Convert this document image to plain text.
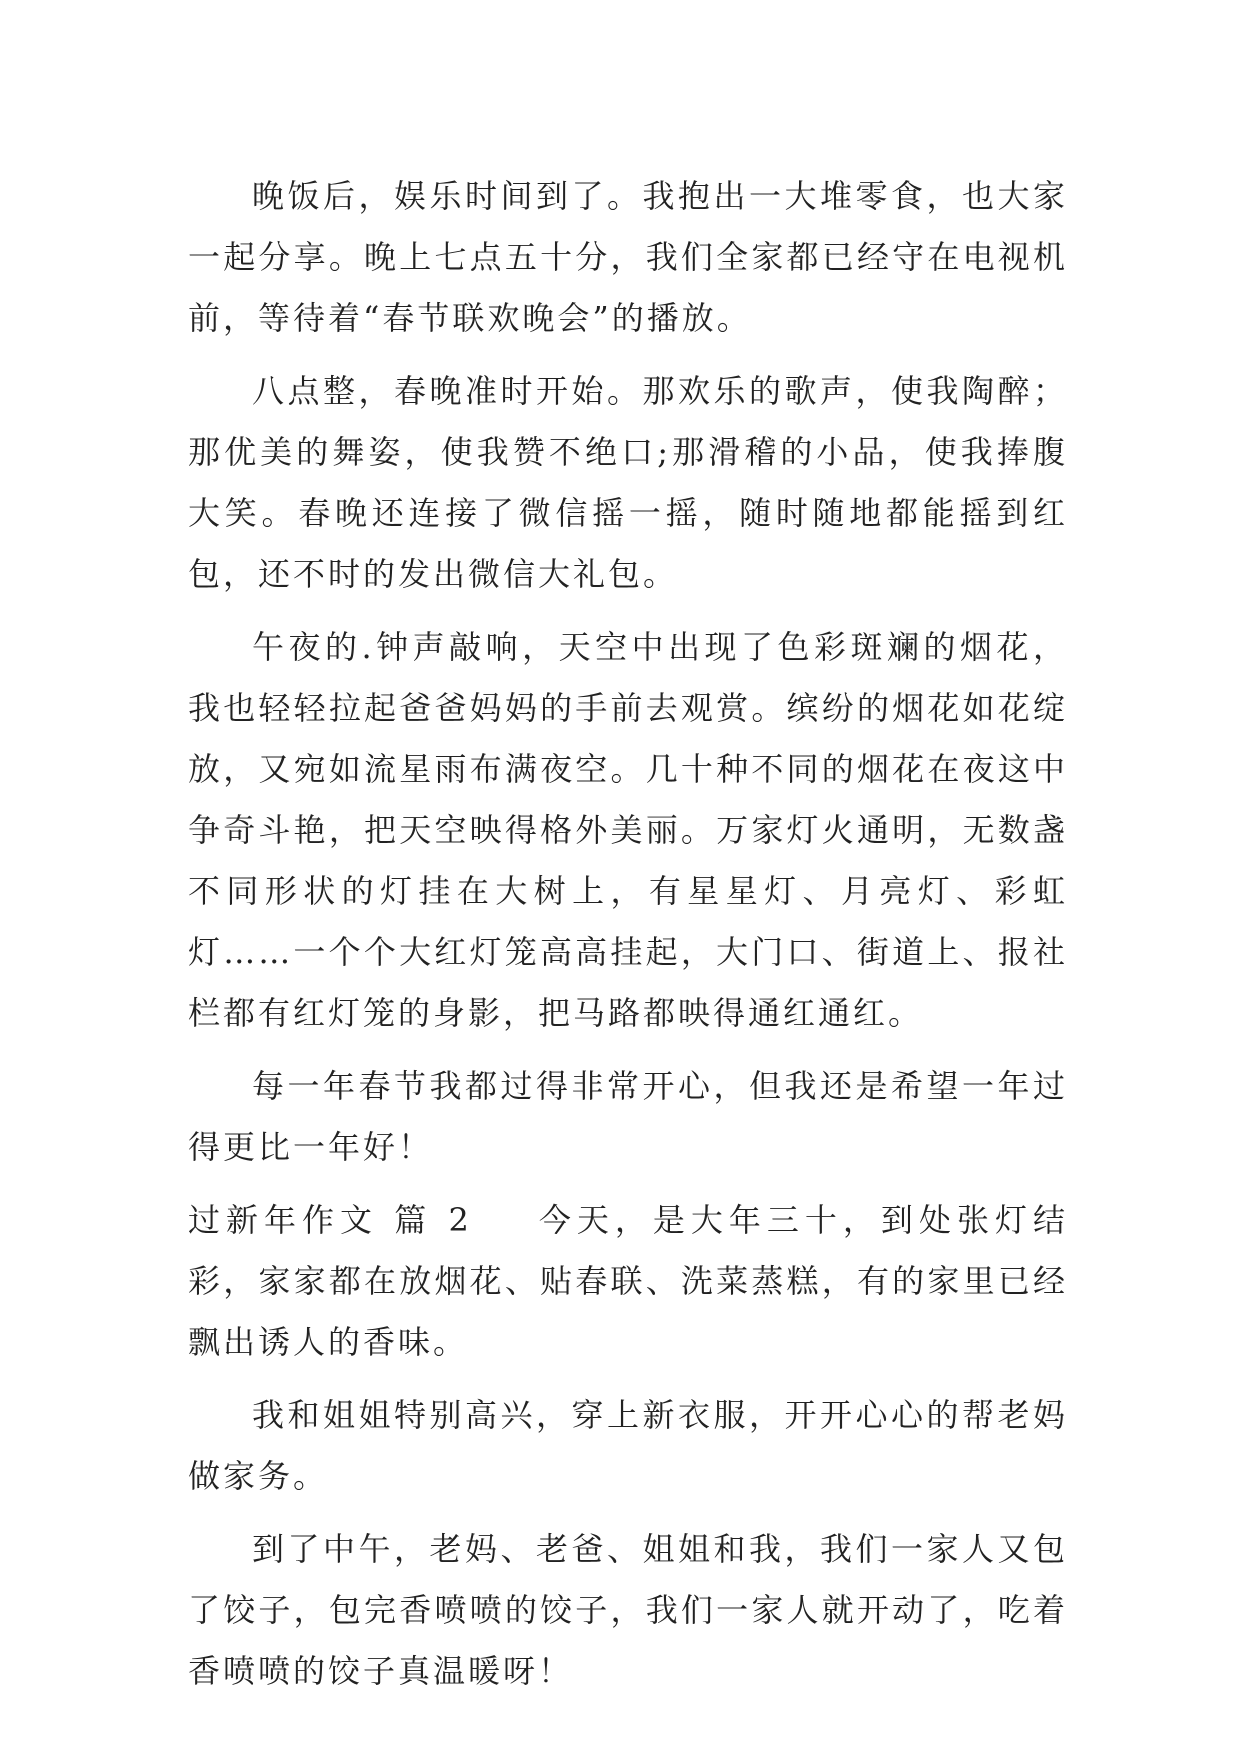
晚饭后，娱乐时间到了。我抱出一大堆零食，也大家一起分享。晚上七点五十分，我们全家都已经守在电视机前，等待着“春节联欢晚会”的播放。

八点整，春晚准时开始。那欢乐的歌声，使我陶醉；那优美的舞姿，使我赞不绝口;那滑稽的小品，使我捧腹大笑。春晚还连接了微信摇一摇，随时随地都能摇到红包，还不时的发出微信大礼包。

午夜的.钟声敲响，天空中出现了色彩斑斓的烟花，我也轻轻拉起爸爸妈妈的手前去观赏。缤纷的烟花如花绽放，又宛如流星雨布满夜空。几十种不同的烟花在夜这中争奇斗艳，把天空映得格外美丽。万家灯火通明，无数盏不同形状的灯挂在大树上，有星星灯、月亮灯、彩虹灯……一个个大红灯笼高高挂起，大门口、街道上、报社栏都有红灯笼的身影，把马路都映得通红通红。

每一年春节我都过得非常开心，但我还是希望一年过得更比一年好！

过新年作文 篇 2 今天，是大年三十，到处张灯结彩，家家都在放烟花、贴春联、洗菜蒸糕，有的家里已经飘出诱人的香味。

我和姐姐特别高兴，穿上新衣服，开开心心的帮老妈做家务。

到了中午，老妈、老爸、姐姐和我，我们一家人又包了饺子，包完香喷喷的饺子，我们一家人就开动了，吃着香喷喷的饺子真温暖呀！
